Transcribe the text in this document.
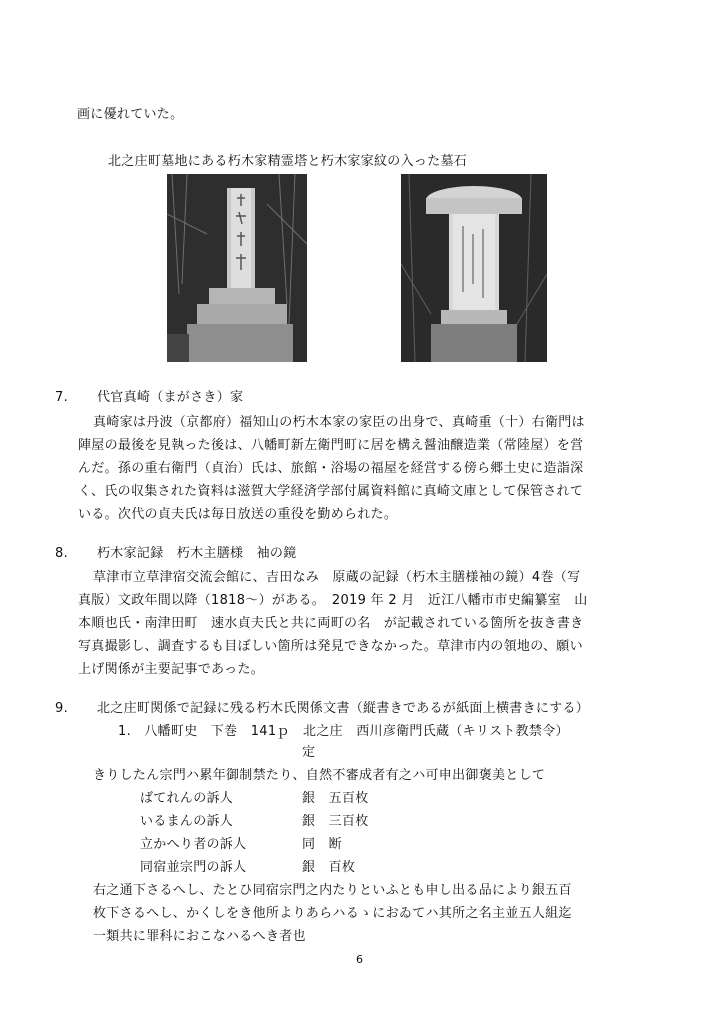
画に優れていた。
北之庄町墓地にある朽木家精霊塔と朽木家家紋の入った墓石
7. 代官真崎（まがさき）家
真崎家は丹波（京都府）福知山の朽木本家の家臣の出身で、真崎重（十）右衛門は
陣屋の最後を見執った後は、八幡町新左衛門町に居を構え醤油醸造業（常陸屋）を営
んだ。孫の重右衛門（貞治）氏は、旅館・浴場の福屋を経営する傍ら郷土史に造詣深
く、氏の収集された資料は滋賀大学経済学部付属資料館に真崎文庫として保管されて
いる。次代の貞夫氏は毎日放送の重役を勤められた。
8. 朽木家記録　朽木主膳様　袖の鏡
草津市立草津宿交流会館に、吉田なみ　原蔵の記録（朽木主膳様袖の鏡）4巻（写
真版）文政年間以降（1818～）がある。　2019 年 2 月　近江八幡市市史編纂室　山
本順也氏・南津田町　速水貞夫氏と共に両町の名　が記載されている箇所を抜き書き
写真撮影し、調査するも目ぼしい箇所は発見できなかった。草津市内の領地の、願い
上げ関係が主要記事であった。
9. 北之庄町関係で記録に残る朽木氏関係文書（縦書きであるが紙面上横書きにする）
1.　八幡町史　下巻　141ｐ　北之庄　西川彦衛門氏蔵（キリスト教禁令）
定
きりしたん宗門ハ累年御制禁たり、自然不審成者有之ハ可申出御褒美として
ばてれんの訴人	銀　五百枚
いるまんの訴人	銀　三百枚
立かへり者の訴人	同　断
同宿並宗門の訴人	銀　百枚
右之通下さるへし、たとひ同宿宗門之内たりといふとも申し出る品により銀五百
枚下さるへし、かくしをき他所よりあらハるゝにおゐてハ其所之名主並五人組迄
一類共に罪科におこなハるへき者也
6
